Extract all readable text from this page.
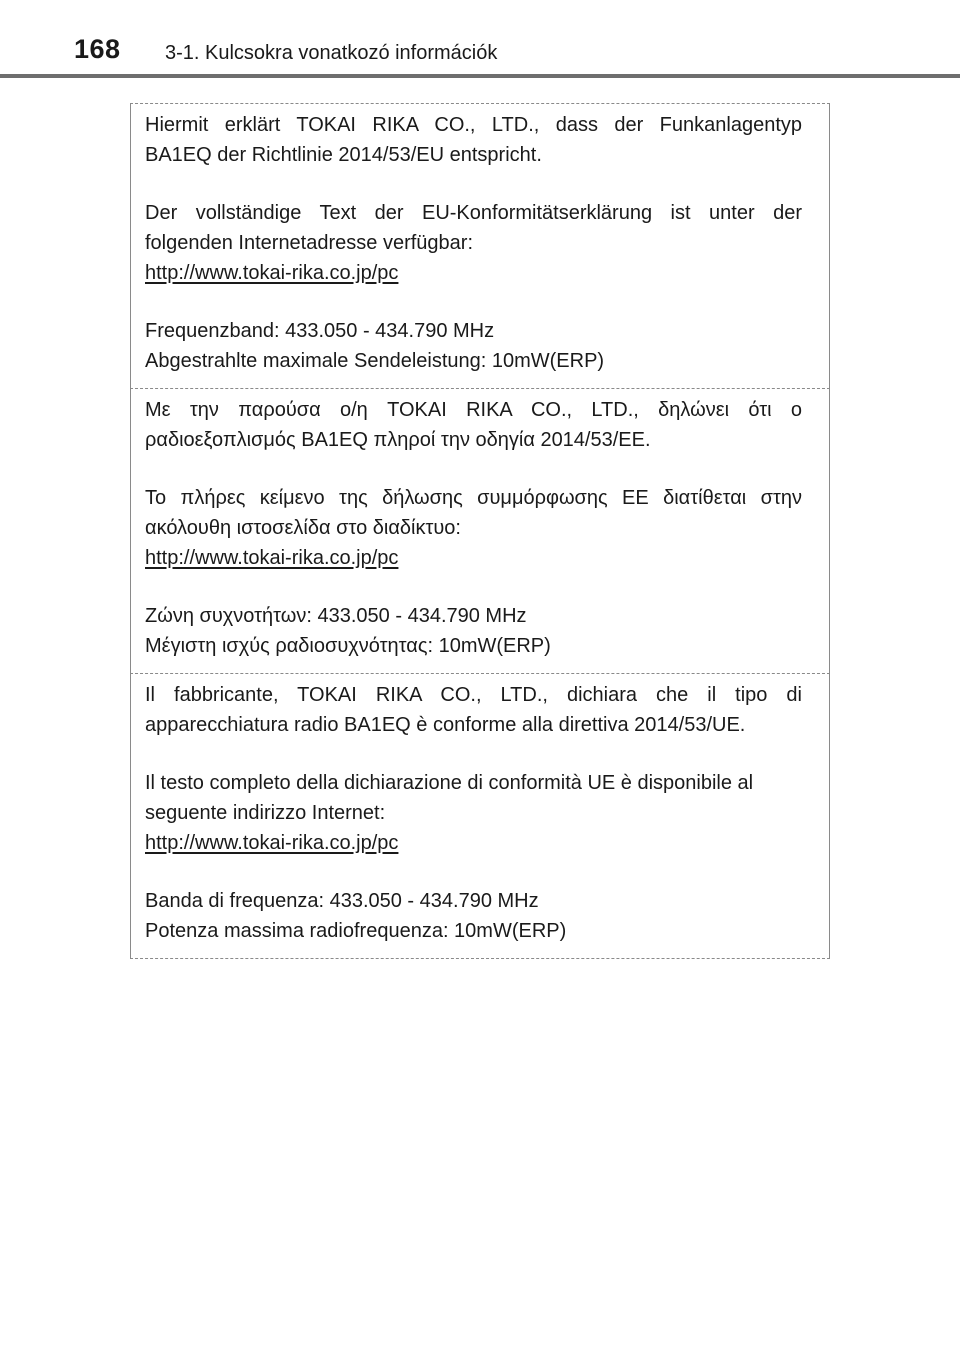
168 3-1. Kulcsokra vonatkozó információk

Hiermit erklärt TOKAI RIKA CO., LTD., dass der Funkanlagentyp

BA1EQ der Richtlinie 2014/53/EU entspricht.

Der vollständige Text der EU-Konformitätserklärung ist unter der

folgenden Internetadresse verfügbar:

http://www.tokai-rika.co.jp/pc

Frequenzband: 433.050 - 434.790 MHz

Abgestrahlte maximale Sendeleistung: 10mW(ERP)

Με την παρούσα ο/η TOKAI RIKA CO., LTD., δηλώνει ότι ο

ραδιοεξοπλισμός BA1EQ πληροί την οδηγία 2014/53/ΕΕ.

Το πλήρες κείμενο της δήλωσης συμμόρφωσης ΕΕ διατίθεται στην

ακόλουθη ιστοσελίδα στο διαδίκτυο:

http://www.tokai-rika.co.jp/pc

Ζώνη συχνοτήτων: 433.050 - 434.790 MHz

Μέγιστη ισχύς ραδιοσυχνότητας: 10mW(ERP)

Il fabbricante, TOKAI RIKA CO., LTD., dichiara che il tipo di

apparecchiatura radio BA1EQ è conforme alla direttiva 2014/53/UE.

Il testo completo della dichiarazione di conformità UE è disponibile al

seguente indirizzo Internet:

http://www.tokai-rika.co.jp/pc

Banda di frequenza: 433.050 - 434.790 MHz

Potenza massima radiofrequenza: 10mW(ERP)
